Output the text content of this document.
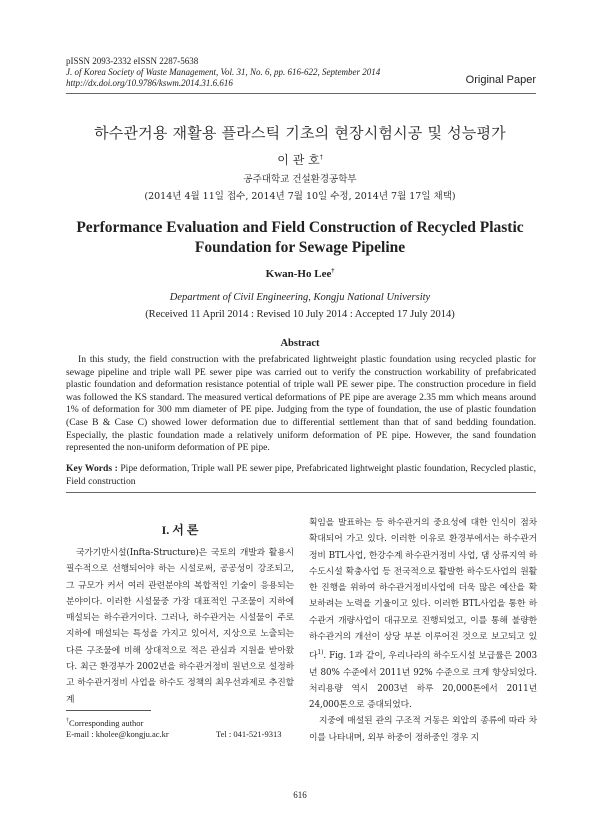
pISSN 2093-2332 eISSN 2287-5638
J. of Korea Society of Waste Management, Vol. 31, No. 6, pp. 616-622, September 2014
http://dx.doi.org/10.9786/kswm.2014.31.6.616	Original Paper
하수관거용 재활용 플라스틱 기초의 현장시험시공 및 성능평가
이 관 호†
공주대학교 건설환경공학부
(2014년 4월 11일 접수, 2014년 7월 10일 수정, 2014년 7월 17일 채택)
Performance Evaluation and Field Construction of Recycled Plastic
Foundation for Sewage Pipeline
Kwan-Ho Lee†
Department of Civil Engineering, Kongju National University
(Received 11 April 2014 : Revised 10 July 2014 : Accepted 17 July 2014)
Abstract
In this study, the field construction with the prefabricated lightweight plastic foundation using recycled plastic for sewage pipeline and triple wall PE sewer pipe was carried out to verify the construction workability of prefabricated plastic foundation and deformation resistance potential of triple wall PE sewer pipe. The construction procedure in field was followed the KS standard. The measured vertical deformations of PE pipe are average 2.35 mm which means around 1% of deformation for 300 mm diameter of PE pipe. Judging from the type of foundation, the use of plastic foundation (Case B & Case C) showed lower deformation due to differential settlement than that of sand bedding foundation. Especially, the plastic foundation made a relatively uniform deformation of PE pipe. However, the sand foundation represented the non-uniform deformation of PE pipe.
Key Words : Pipe deformation, Triple wall PE sewer pipe, Prefabricated lightweight plastic foundation, Recycled plastic, Field construction
I. 서 론
국가기반시설(Infta-Structure)은 국토의 개발과 활용시 필수적으로 선행되어야 하는 시설로써, 공공성이 강조되고, 그 규모가 커서 여러 관련분야의 복합적인 기술이 응용되는 분야이다. 이러한 시설물중 가장 대표적인 구조물이 지하에 매설되는 하수관거이다. 그러나, 하수관거는 시설물이 주로 지하에 매설되는 특성을 가지고 있어서, 지상으로 노출되는 다른 구조물에 비해 상대적으로 적은 관심과 지원을 받아왔다. 최근 환경부가 2002년을 하수관거정비 원년으로 설정하고 하수관거정비 사업을 하수도 정책의 최우선과제로 추진할 계
†Corresponding author
E-mail : kholee@kongju.ac.kr	Tel : 041-521-9313
획임을 발표하는 등 하수관거의 중요성에 대한 인식이 점차 확대되어 가고 있다. 이러한 이유로 환경부에서는 하수관거정비 BTL사업, 한강수계 하수관거정비 사업, 댐 상류지역 하수도시설 확충사업 등 전국적으로 활발한 하수도사업의 원활한 진행을 위하여 하수관거정비사업에 더욱 많은 예산을 확보하려는 노력을 기울이고 있다. 이러한 BTL사업을 통한 하수관거 개량사업이 대규모로 진행되었고, 이를 통해 불량한 하수관거의 개선이 상당 부분 이루어진 것으로 보고되고 있다$^{1)}$. Fig. 1과 같이, 우리나라의 하수도시설 보급률은 2003년 80% 수준에서 2011년 92% 수준으로 크게 향상되었다. 처리용량 역시 2003년 하루 20,000톤에서 2011년 24,000톤으로 증대되었다.
지중에 매설된 관의 구조적 거동은 외압의 종류에 따라 차이를 나타내며, 외부 하중이 정하중인 경우 지
616
